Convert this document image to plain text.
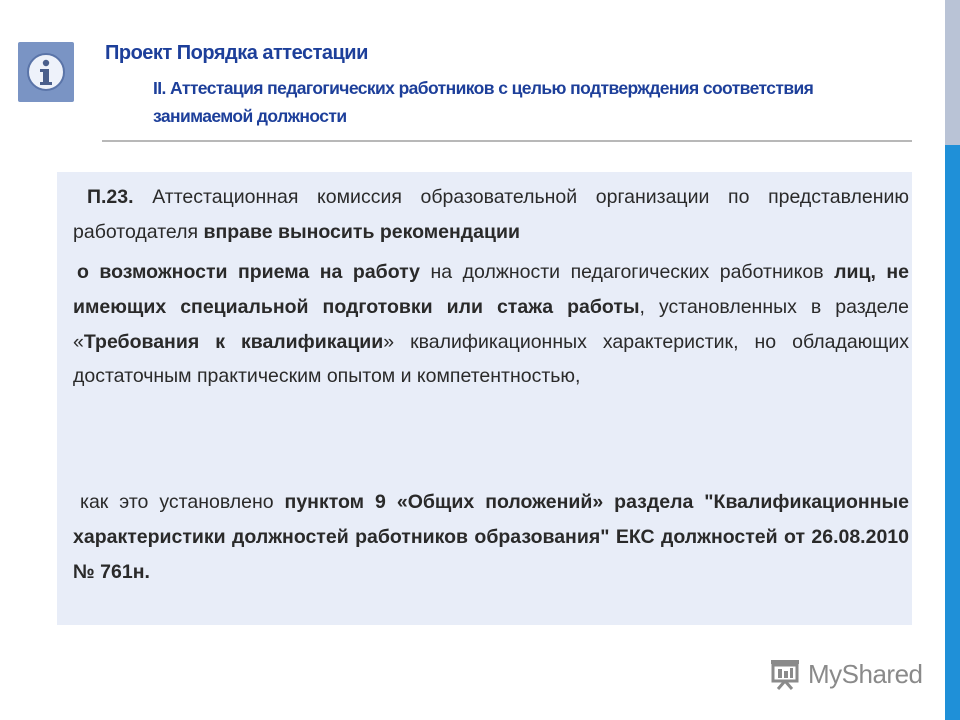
Проект Порядка аттестации
II. Аттестация педагогических работников с целью подтверждения соответствия занимаемой должности

П.23. Аттестационная комиссия образовательной организации по представлению работодателя вправе выносить рекомендации

о возможности приема на работу на должности педагогических работников лиц, не имеющих специальной подготовки или стажа работы, установленных в разделе «Требования к квалификации» квалификационных характеристик, но обладающих достаточным практическим опытом и компетентностью,

как это установлено пунктом 9 «Общих положений» раздела "Квалификационные характеристики должностей работников образования" ЕКС должностей от 26.08.2010 № 761н.

MyShared
